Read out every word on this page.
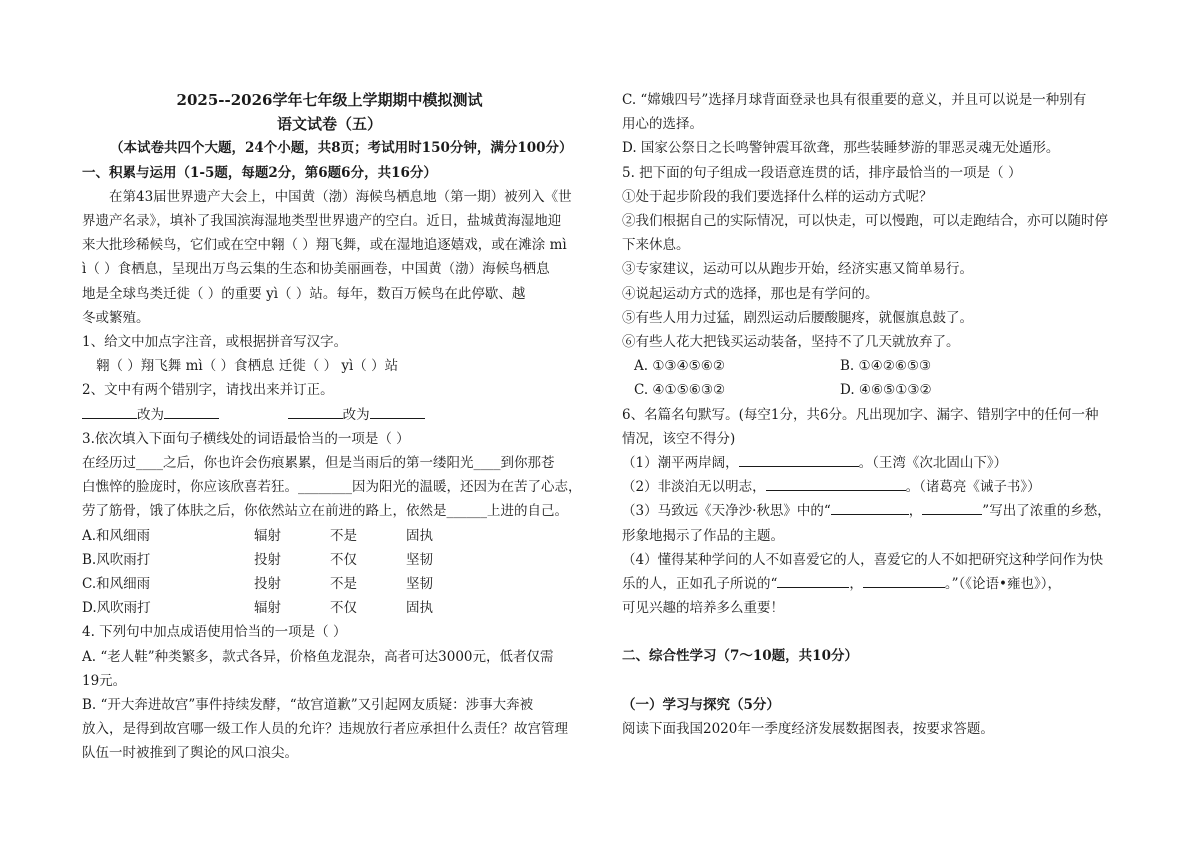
2025--2026学年七年级上学期期中模拟测试
语文试卷（五）
（本试卷共四个大题，24个小题，共8页；考试用时150分钟，满分100分）
一、积累与运用（1-5题，每题2分，第6题6分，共16分）
在第43届世界遗产大会上，中国黄（渤）海候鸟栖息地（第一期）被列入《世
界遗产名录》，填补了我国滨海湿地类型世界遗产的空白。近日，盐城黄海湿地迎
来大批珍稀候鸟，它们或在空中翱（ ）翔飞舞，或在湿地追逐嬉戏，或在滩涂 mì
ì（ ）食栖息，呈现出万鸟云集的生态和协美丽画卷，中国黄（渤）海候鸟栖息
地是全球鸟类迁徙（ ）的重要 yì（ ）站。每年，数百万候鸟在此停歇、越
冬或繁殖。
1、给文中加点字注音，或根据拼音写汉字。
翱（ ）翔飞舞 mì（ ）食栖息 迁徙（ ） yì（ ）站
2、文中有两个错别字，请找出来并订正。
改为	改为
3.依次填入下面句子横线处的词语最恰当的一项是（ ）
在经历过____之后，你也许会伤痕累累，但是当雨后的第一缕阳光____到你那苍
白憔悴的脸庞时，你应该欣喜若狂。________因为阳光的温暖，还因为在苦了心志，
劳了筋骨，饿了体肤之后，你依然站立在前进的路上，依然是______上进的自己。
A.和风细雨	辐射	不是	固执
B.风吹雨打	投射	不仅	坚韧
C.和风细雨	投射	不是	坚韧
D.风吹雨打	辐射	不仅	固执
4. 下列句中加点成语使用恰当的一项是（ ）
A. “老人鞋”种类繁多，款式各异，价格鱼龙混杂，高者可达3000元，低者仅需
19元。
B. “开大奔进故宫”事件持续发酵，“故宫道歉”又引起网友质疑：涉事大奔被
放入，是得到故宫哪一级工作人员的允许？违规放行者应承担什么责任？故宫管理
队伍一时被推到了舆论的风口浪尖。
C. “嫦娥四号”选择月球背面登录也具有很重要的意义，并且可以说是一种别有
用心的选择。
D. 国家公祭日之长鸣警钟震耳欲聋，那些装睡梦游的罪恶灵魂无处遁形。
5. 把下面的句子组成一段语意连贯的话，排序最恰当的一项是（ ）
①处于起步阶段的我们要选择什么样的运动方式呢？
②我们根据自己的实际情况，可以快走，可以慢跑，可以走跑结合，亦可以随时停
下来休息。
③专家建议，运动可以从跑步开始，经济实惠又简单易行。
④说起运动方式的选择，那也是有学问的。
⑤有些人用力过猛，剧烈运动后腰酸腿疼，就偃旗息鼓了。
⑥有些人花大把钱买运动装备，坚持不了几天就放弃了。
A. ①③④⑤⑥②	B. ①④②⑥⑤③
C. ④①⑤⑥③②	D. ④⑥⑤①③②
6、名篇名句默写。(每空1分，共6分。凡出现加字、漏字、错别字中的任何一种
情况，该空不得分)
（1）潮平两岸阔，	。（王湾《次北固山下》）
（2）非淡泊无以明志，	。（诸葛亮《诫子书》）
（3）马致远《天净沙·秋思》中的“	，	”写出了浓重的乡愁，
形象地揭示了作品的主题。
（4）懂得某种学问的人不如喜爱它的人，喜爱它的人不如把研究这种学问作为快
乐的人，正如孔子所说的“	，	。”（《论语•雍也》），
可见兴趣的培养多么重要！
二、综合性学习（7～10题，共10分）
（一）学习与探究（5分）
阅读下面我国2020年一季度经济发展数据图表，按要求答题。
